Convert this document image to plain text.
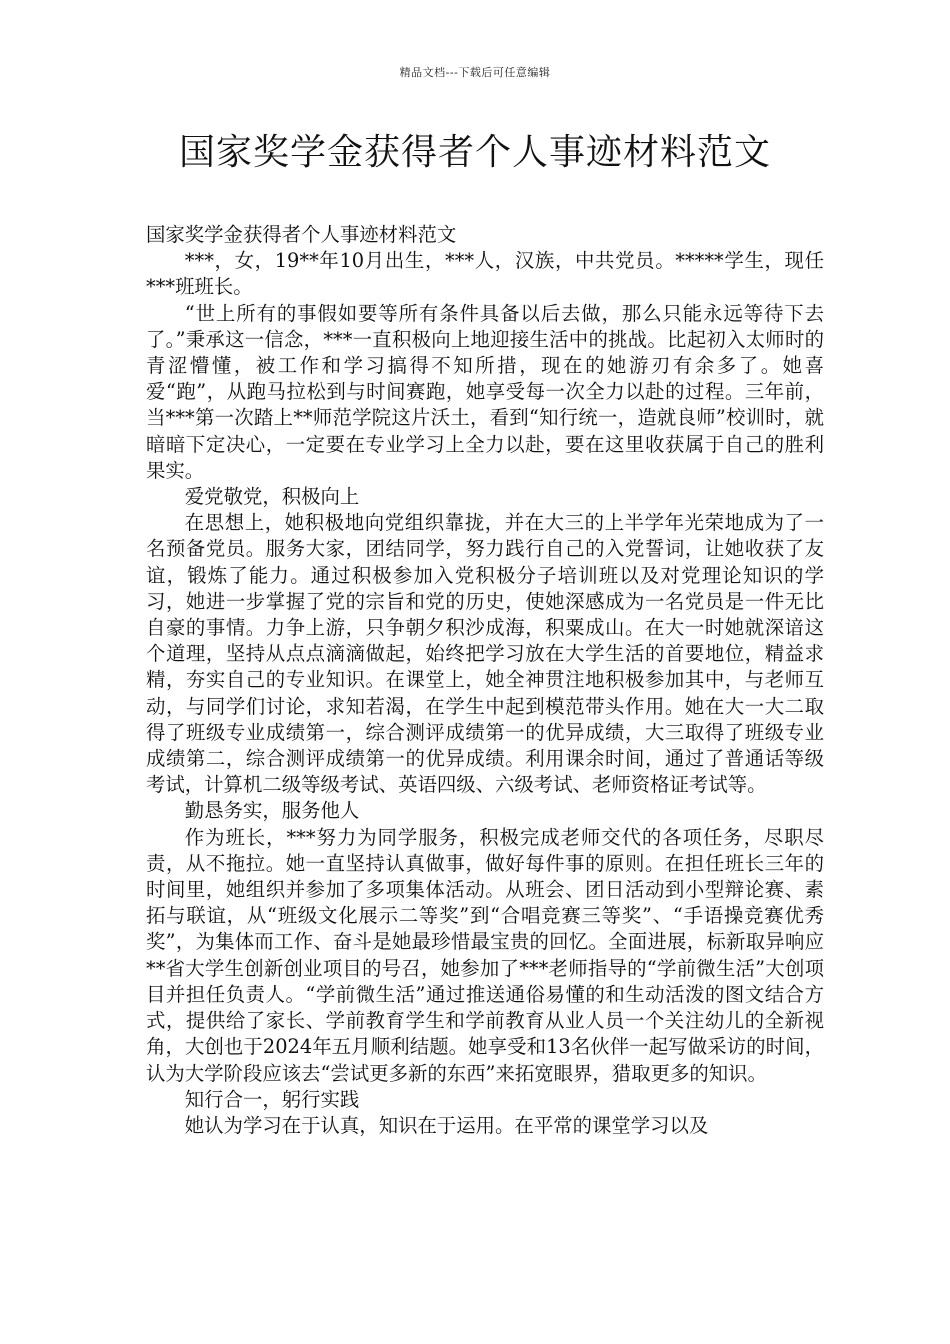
精品文档---下载后可任意编辑
国家奖学金获得者个人事迹材料范文

国家奖学金获得者个人事迹材料范文

***，女，19**年10月出生，***人，汉族，中共党员。*****学生，现任***班班长。

“世上所有的事假如要等所有条件具备以后去做，那么只能永远等待下去了。”秉承这一信念，***一直积极向上地迎接生活中的挑战。比起初入太师时的青涩懵懂，被工作和学习搞得不知所措，现在的她游刃有余多了。她喜爱“跑”，从跑马拉松到与时间赛跑，她享受每一次全力以赴的过程。三年前，当***第一次踏上**师范学院这片沃土，看到“知行统一，造就良师”校训时，就暗暗下定决心，一定要在专业学习上全力以赴，要在这里收获属于自己的胜利果实。

爱党敬党，积极向上

在思想上，她积极地向党组织靠拢，并在大三的上半学年光荣地成为了一名预备党员。服务大家，团结同学，努力践行自己的入党誓词，让她收获了友谊，锻炼了能力。通过积极参加入党积极分子培训班以及对党理论知识的学习，她进一步掌握了党的宗旨和党的历史，使她深感成为一名党员是一件无比自豪的事情。力争上游，只争朝夕积沙成海，积粟成山。在大一时她就深谙这个道理，坚持从点点滴滴做起，始终把学习放在大学生活的首要地位，精益求精，夯实自己的专业知识。在课堂上，她全神贯注地积极参加其中，与老师互动，与同学们讨论，求知若渴，在学生中起到模范带头作用。她在大一大二取得了班级专业成绩第一，综合测评成绩第一的优异成绩，大三取得了班级专业成绩第二，综合测评成绩第一的优异成绩。利用课余时间，通过了普通话等级考试，计算机二级等级考试、英语四级、六级考试、老师资格证考试等。

勤恳务实，服务他人

作为班长，***努力为同学服务，积极完成老师交代的各项任务，尽职尽责，从不拖拉。她一直坚持认真做事，做好每件事的原则。在担任班长三年的时间里，她组织并参加了多项集体活动。从班会、团日活动到小型辩论赛、素拓与联谊，从“班级文化展示二等奖”到“合唱竞赛三等奖”、“手语操竞赛优秀奖”，为集体而工作、奋斗是她最珍惜最宝贵的回忆。全面进展，标新取异响应**省大学生创新创业项目的号召，她参加了***老师指导的“学前微生活”大创项目并担任负责人。“学前微生活”通过推送通俗易懂的和生动活泼的图文结合方式，提供给了家长、学前教育学生和学前教育从业人员一个关注幼儿的全新视角，大创也于2024年五月顺利结题。她享受和13名伙伴一起写做采访的时间，认为大学阶段应该去“尝试更多新的东西”来拓宽眼界，猎取更多的知识。

知行合一，躬行实践

她认为学习在于认真，知识在于运用。在平常的课堂学习以及
